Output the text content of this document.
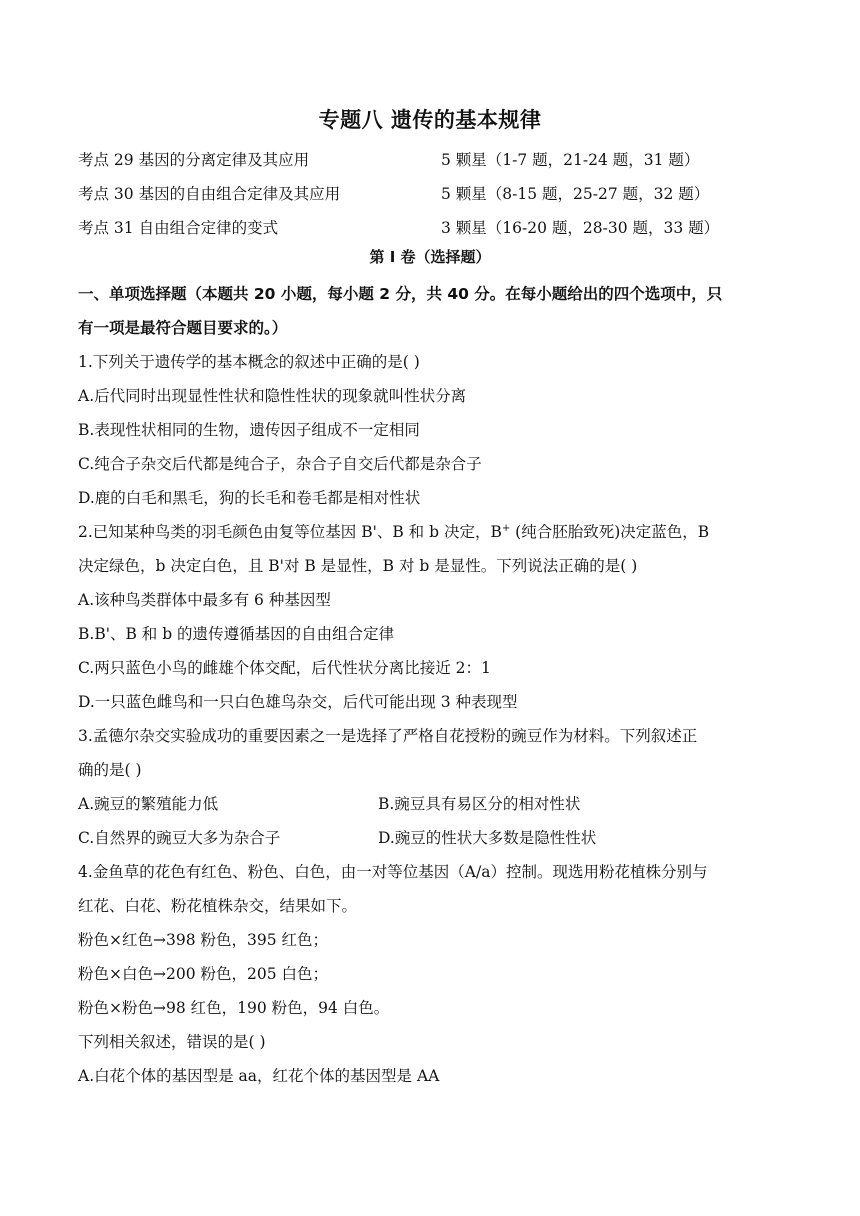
专题八 遗传的基本规律
考点 29 基因的分离定律及其应用	5 颗星（1-7 题，21-24 题，31 题）
考点 30 基因的自由组合定律及其应用	5 颗星（8-15 题，25-27 题，32 题）
考点 31 自由组合定律的变式	3 颗星（16-20 题，28-30 题，33 题）
第 I 卷（选择题）
一、单项选择题（本题共 20 小题，每小题 2 分，共 40 分。在每小题给出的四个选项中，只
有一项是最符合题目要求的。）
1.下列关于遗传学的基本概念的叙述中正确的是( )
A.后代同时出现显性性状和隐性性状的现象就叫性状分离
B.表现性状相同的生物，遗传因子组成不一定相同
C.纯合子杂交后代都是纯合子，杂合子自交后代都是杂合子
D.鹿的白毛和黑毛，狗的长毛和卷毛都是相对性状
2.已知某种鸟类的羽毛颜色由复等位基因 B'、B 和 b 决定，B+ (纯合胚胎致死)决定蓝色，B
决定绿色，b 决定白色，且 B'对 B 是显性，B 对 b 是显性。下列说法正确的是( )
A.该种鸟类群体中最多有 6 种基因型
B.B'、B 和 b 的遗传遵循基因的自由组合定律
C.两只蓝色小鸟的雌雄个体交配，后代性状分离比接近 2：1
D.一只蓝色雌鸟和一只白色雄鸟杂交，后代可能出现 3 种表现型
3.孟德尔杂交实验成功的重要因素之一是选择了严格自花授粉的豌豆作为材料。下列叙述正
确的是( )
A.豌豆的繁殖能力低	B.豌豆具有易区分的相对性状
C.自然界的豌豆大多为杂合子	D.豌豆的性状大多数是隐性性状
4.金鱼草的花色有红色、粉色、白色，由一对等位基因（A/a）控制。现选用粉花植株分别与
红花、白花、粉花植株杂交，结果如下。
粉色×红色→398 粉色，395 红色；
粉色×白色→200 粉色，205 白色；
粉色×粉色→98 红色，190 粉色，94 白色。
下列相关叙述，错误的是( )
A.白花个体的基因型是 aa，红花个体的基因型是 AA
